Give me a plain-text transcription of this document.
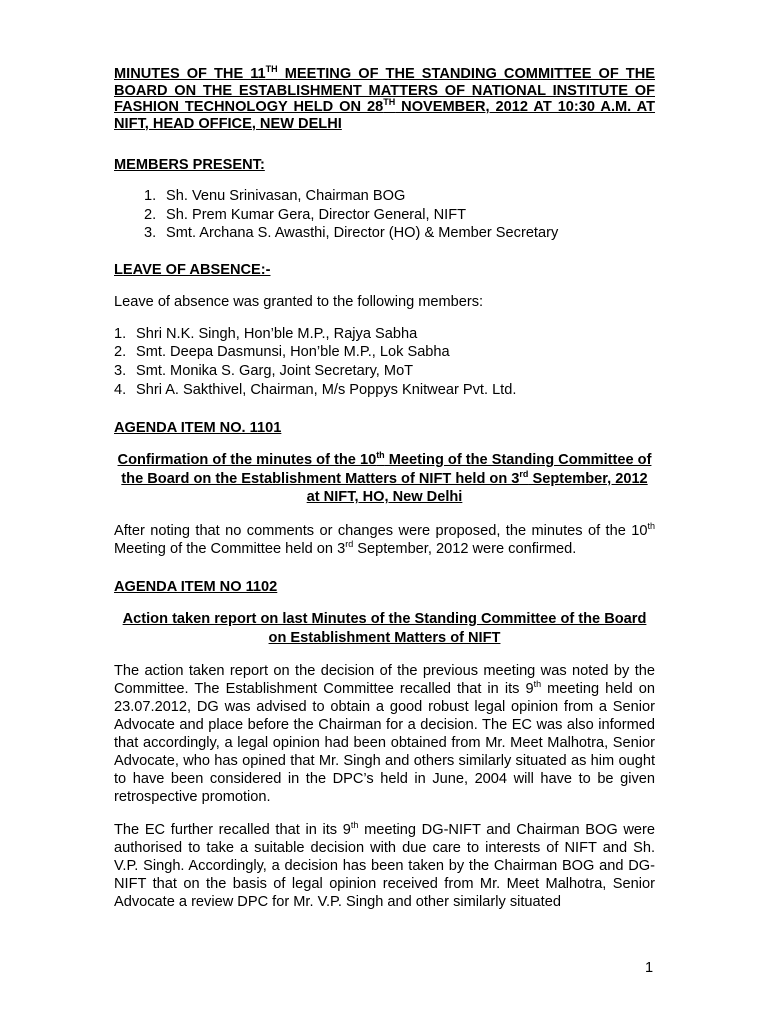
MINUTES OF THE 11TH MEETING OF THE STANDING COMMITTEE OF THE BOARD ON THE ESTABLISHMENT MATTERS OF NATIONAL INSTITUTE OF FASHION TECHNOLOGY HELD ON 28TH NOVEMBER, 2012 AT 10:30 A.M. AT NIFT, HEAD OFFICE, NEW DELHI

MEMBERS PRESENT:
1. Sh. Venu Srinivasan, Chairman BOG
2. Sh. Prem Kumar Gera, Director General, NIFT
3. Smt. Archana S. Awasthi, Director (HO) & Member Secretary
LEAVE OF ABSENCE:-

Leave of absence was granted to the following members:

1. Shri N.K. Singh, Hon’ble M.P., Rajya Sabha
2. Smt. Deepa Dasmunsi, Hon’ble M.P., Lok Sabha
3. Smt. Monika S. Garg, Joint Secretary, MoT
4. Shri A. Sakthivel, Chairman, M/s Poppys Knitwear Pvt. Ltd.
AGENDA ITEM NO. 1101

Confirmation of the minutes of the 10th Meeting of the Standing Committee of the Board on the Establishment Matters of NIFT held on 3rd September, 2012 at NIFT, HO, New Delhi

After noting that no comments or changes were proposed, the minutes of the 10th Meeting of the Committee held on 3rd September, 2012 were confirmed.

AGENDA ITEM NO 1102

Action taken report on last Minutes of the Standing Committee of the Board on Establishment Matters of NIFT

The action taken report on the decision of the previous meeting was noted by the Committee. The Establishment Committee recalled that in its 9th meeting held on 23.07.2012, DG was advised to obtain a good robust legal opinion from a Senior Advocate and place before the Chairman for a decision. The EC was also informed that accordingly, a legal opinion had been obtained from Mr. Meet Malhotra, Senior Advocate, who has opined that Mr. Singh and others similarly situated as him ought to have been considered in the DPC’s held in June, 2004 will have to be given retrospective promotion.

The EC further recalled that in its 9th meeting DG-NIFT and Chairman BOG were authorised to take a suitable decision with due care to interests of NIFT and Sh. V.P. Singh. Accordingly, a decision has been taken by the Chairman BOG and DG-NIFT that on the basis of legal opinion received from Mr. Meet Malhotra, Senior Advocate a review DPC for Mr. V.P. Singh and other similarly situated

1
